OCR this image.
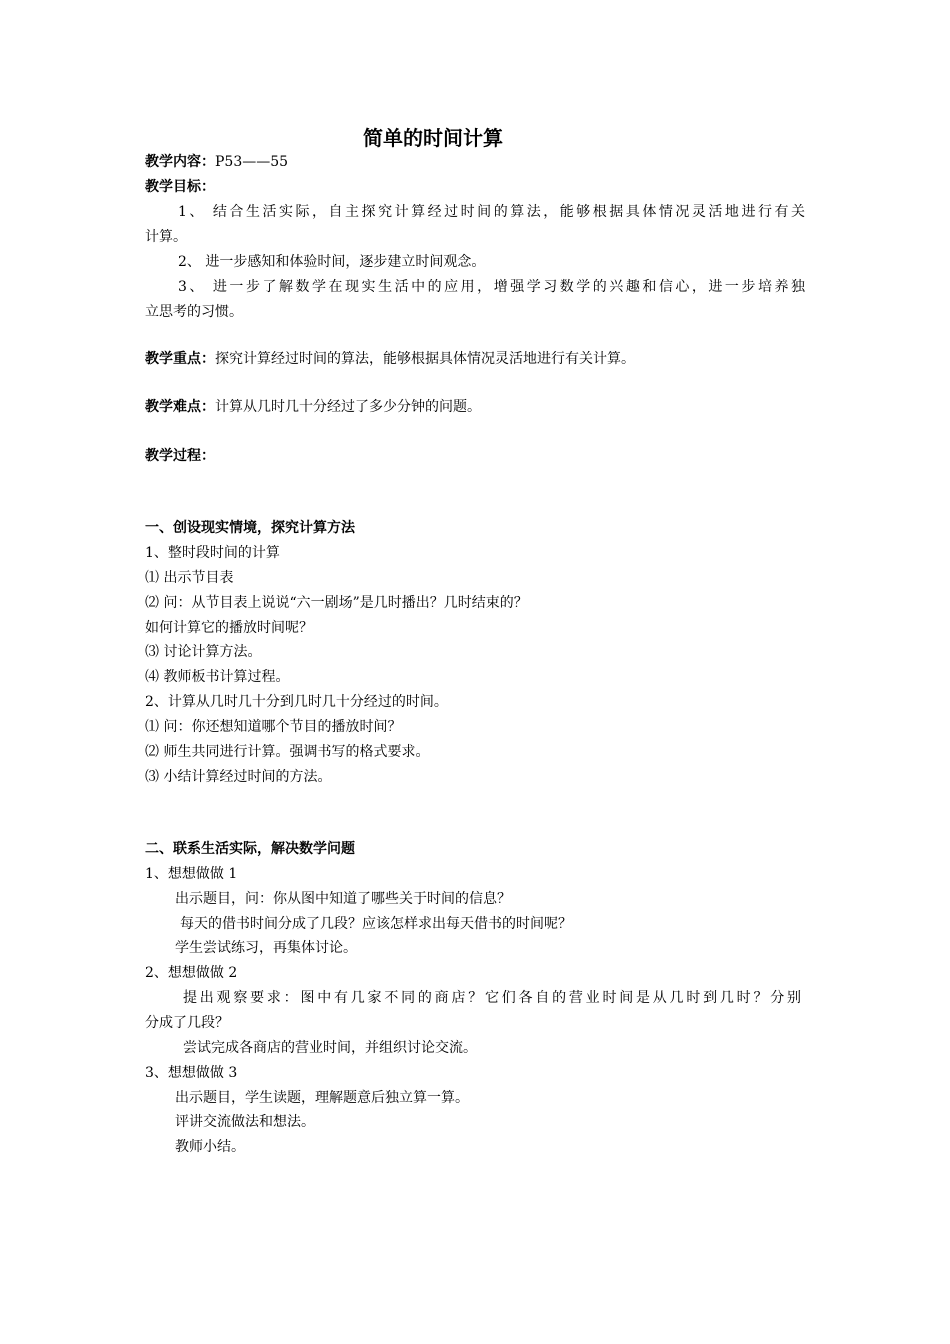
简单的时间计算
教学内容：P53——55
教学目标：
1、 结合生活实际，自主探究计算经过时间的算法，能够根据具体情况灵活地进行有关
计算。
2、 进一步感知和体验时间，逐步建立时间观念。
3、 进一步了解数学在现实生活中的应用，增强学习数学的兴趣和信心，进一步培养独
立思考的习惯。
教学重点：探究计算经过时间的算法，能够根据具体情况灵活地进行有关计算。
教学难点：计算从几时几十分经过了多少分钟的问题。
教学过程：
一、创设现实情境，探究计算方法
1、整时段时间的计算
⑴ 出示节目表
⑵ 问：从节目表上说说“六一剧场”是几时播出？几时结束的？
如何计算它的播放时间呢？
⑶ 讨论计算方法。
⑷ 教师板书计算过程。
2、计算从几时几十分到几时几十分经过的时间。
⑴ 问：你还想知道哪个节目的播放时间？
⑵ 师生共同进行计算。强调书写的格式要求。
⑶ 小结计算经过时间的方法。
二、联系生活实际，解决数学问题
1、想想做做 1
出示题目，问：你从图中知道了哪些关于时间的信息？
每天的借书时间分成了几段？应该怎样求出每天借书的时间呢？
学生尝试练习，再集体讨论。
2、想想做做 2
提出观察要求：图中有几家不同的商店？它们各自的营业时间是从几时到几时？分别
分成了几段？
尝试完成各商店的营业时间，并组织讨论交流。
3、想想做做 3
出示题目，学生读题，理解题意后独立算一算。
评讲交流做法和想法。
教师小结。
